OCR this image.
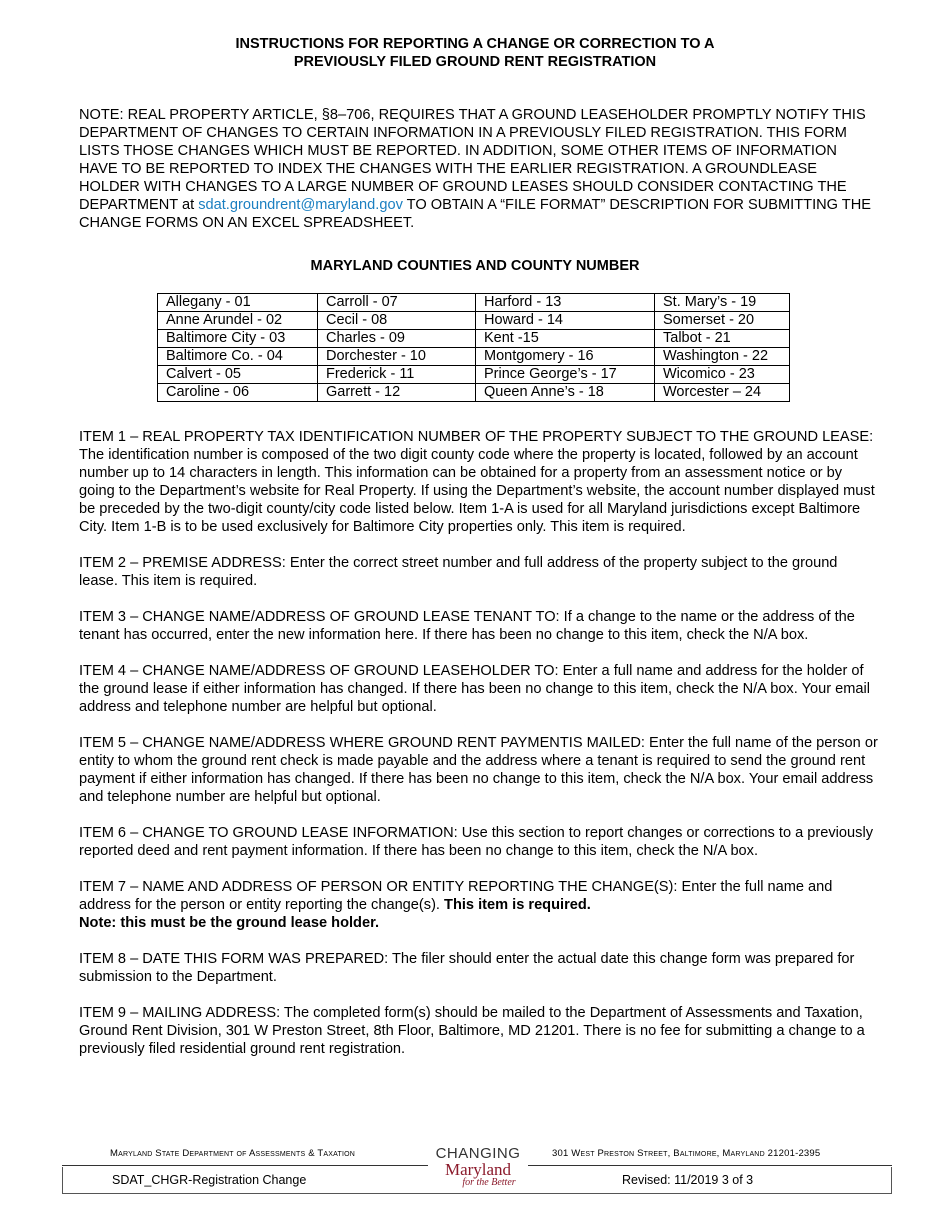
INSTRUCTIONS FOR REPORTING A CHANGE OR CORRECTION TO A
PREVIOUSLY FILED GROUND RENT REGISTRATION
NOTE: REAL PROPERTY ARTICLE, §8–706, REQUIRES THAT A GROUND LEASEHOLDER PROMPTLY NOTIFY THIS DEPARTMENT OF CHANGES TO CERTAIN INFORMATION IN A PREVIOUSLY FILED REGISTRATION. THIS FORM LISTS THOSE CHANGES WHICH MUST BE REPORTED. IN ADDITION, SOME OTHER ITEMS OF INFORMATION HAVE TO BE REPORTED TO INDEX THE CHANGES WITH THE EARLIER REGISTRATION. A GROUNDLEASE HOLDER WITH CHANGES TO A LARGE NUMBER OF GROUND LEASES SHOULD CONSIDER CONTACTING THE DEPARTMENT at sdat.groundrent@maryland.gov TO OBTAIN A “FILE FORMAT” DESCRIPTION FOR SUBMITTING THE CHANGE FORMS ON AN EXCEL SPREADSHEET.
MARYLAND COUNTIES AND COUNTY NUMBER
Allegany - 01	Carroll - 07	Harford - 13	St. Mary’s - 19
Anne Arundel - 02	Cecil - 08	Howard - 14	Somerset - 20
Baltimore City - 03	Charles - 09	Kent -15	Talbot - 21
Baltimore Co. - 04	Dorchester - 10	Montgomery - 16	Washington - 22
Calvert - 05	Frederick - 11	Prince George’s - 17	Wicomico - 23
Caroline - 06	Garrett - 12	Queen Anne’s - 18	Worcester – 24
ITEM 1 – REAL PROPERTY TAX IDENTIFICATION NUMBER OF THE PROPERTY SUBJECT TO THE GROUND LEASE: The identification number is composed of the two digit county code where the property is located, followed by an account number up to 14 characters in length. This information can be obtained for a property from an assessment notice or by going to the Department’s website for Real Property. If using the Department’s website, the account number displayed must be preceded by the two-digit county/city code listed below. Item 1-A is used for all Maryland jurisdictions except Baltimore City. Item 1-B is to be used exclusively for Baltimore City properties only. This item is required.
ITEM 2 – PREMISE ADDRESS: Enter the correct street number and full address of the property subject to the ground lease. This item is required.
ITEM 3 – CHANGE NAME/ADDRESS OF GROUND LEASE TENANT TO: If a change to the name or the address of the tenant has occurred, enter the new information here. If there has been no change to this item, check the N/A box.
ITEM 4 – CHANGE NAME/ADDRESS OF GROUND LEASEHOLDER TO: Enter a full name and address for the holder of the ground lease if either information has changed. If there has been no change to this item, check the N/A box. Your email address and telephone number are helpful but optional.
ITEM 5 – CHANGE NAME/ADDRESS WHERE GROUND RENT PAYMENTIS MAILED: Enter the full name of the person or entity to whom the ground rent check is made payable and the address where a tenant is required to send the ground rent payment if either information has changed. If there has been no change to this item, check the N/A box. Your email address and telephone number are helpful but optional.
ITEM 6 – CHANGE TO GROUND LEASE INFORMATION: Use this section to report changes or corrections to a previously reported deed and rent payment information. If there has been no change to this item, check the N/A box.
ITEM 7 – NAME AND ADDRESS OF PERSON OR ENTITY REPORTING THE CHANGE(S): Enter the full name and address for the person or entity reporting the change(s). This item is required.
Note: this must be the ground lease holder.
ITEM 8 – DATE THIS FORM WAS PREPARED: The filer should enter the actual date this change form was prepared for submission to the Department.
ITEM 9 – MAILING ADDRESS: The completed form(s) should be mailed to the Department of Assessments and Taxation, Ground Rent Division, 301 W Preston Street, 8th Floor, Baltimore, MD 21201. There is no fee for submitting a change to a previously filed residential ground rent registration.
Maryland State Department of Assessments & Taxation	301 West Preston Street, Baltimore, Maryland 21201-2395
SDAT_CHGR-Registration Change	Revised: 11/2019 3 of 3
CHANGING
Maryland
for the Better
